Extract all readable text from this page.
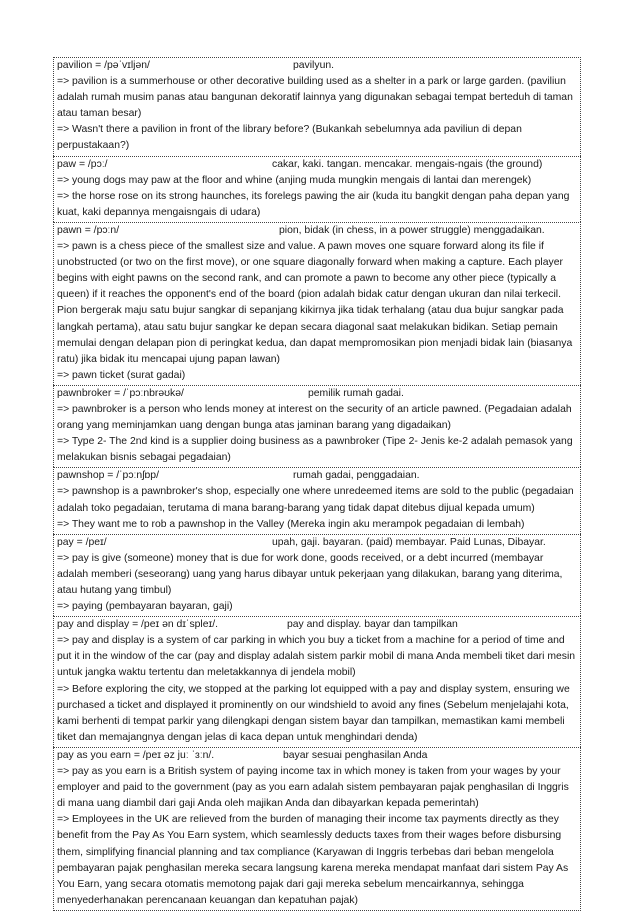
pavilion = /pəˈvɪljən/	pavilyun.

=> pavilion is a summerhouse or other decorative building used as a shelter in a park or large garden. (paviliun adalah rumah musim panas atau bangunan dekoratif lainnya yang digunakan sebagai tempat berteduh di taman atau taman besar)

=> Wasn't there a pavilion in front of the library before? (Bukankah sebelumnya ada paviliun di depan perpustakaan?)

paw = /pɔː/	cakar, kaki. tangan. mencakar. mengais-ngais (the ground)

=> young dogs may paw at the floor and whine (anjing muda mungkin mengais di lantai dan merengek)

=> the horse rose on its strong haunches, its forelegs pawing the air (kuda itu bangkit dengan paha depan yang kuat, kaki depannya mengaisngais di udara)

pawn = /pɔːn/	pion, bidak (in chess, in a power struggle) menggadaikan.

=> pawn is a chess piece of the smallest size and value. A pawn moves one square forward along its file if unobstructed (or two on the first move), or one square diagonally forward when making a capture. Each player begins with eight pawns on the second rank, and can promote a pawn to become any other piece (typically a queen) if it reaches the opponent's end of the board (pion adalah bidak catur dengan ukuran dan nilai terkecil. Pion bergerak maju satu bujur sangkar di sepanjang kikirnya jika tidak terhalang (atau dua bujur sangkar pada langkah pertama), atau satu bujur sangkar ke depan secara diagonal saat melakukan bidikan. Setiap pemain memulai dengan delapan pion di peringkat kedua, dan dapat mempromosikan pion menjadi bidak lain (biasanya ratu) jika bidak itu mencapai ujung papan lawan)

=> pawn ticket (surat gadai)

pawnbroker = /ˈpɔːnbrəʊkə/	pemilik rumah gadai.

=> pawnbroker is a person who lends money at interest on the security of an article pawned. (Pegadaian adalah orang yang meminjamkan uang dengan bunga atas jaminan barang yang digadaikan)

=> Type 2- The 2nd kind is a supplier doing business as a pawnbroker (Tipe 2- Jenis ke-2 adalah pemasok yang melakukan bisnis sebagai pegadaian)

pawnshop = /ˈpɔːnʃɒp/	rumah gadai, penggadaian.

=> pawnshop is a pawnbroker's shop, especially one where unredeemed items are sold to the public (pegadaian adalah toko pegadaian, terutama di mana barang-barang yang tidak dapat ditebus dijual kepada umum)

=> They want me to rob a pawnshop in the Valley (Mereka ingin aku merampok pegadaian di lembah)

pay = /peɪ/	upah, gaji. bayaran. (paid) membayar. Paid Lunas, Dibayar.

=> pay is give (someone) money that is due for work done, goods received, or a debt incurred (membayar adalah memberi (seseorang) uang yang harus dibayar untuk pekerjaan yang dilakukan, barang yang diterima, atau hutang yang timbul)

=> paying (pembayaran bayaran, gaji)

pay and display = /peɪ ən dɪˈspleɪ/.	pay and display. bayar dan tampilkan

=> pay and display is a system of car parking in which you buy a ticket from a machine for a period of time and put it in the window of the car (pay and display adalah sistem parkir mobil di mana Anda membeli tiket dari mesin untuk jangka waktu tertentu dan meletakkannya di jendela mobil)

=> Before exploring the city, we stopped at the parking lot equipped with a pay and display system, ensuring we purchased a ticket and displayed it prominently on our windshield to avoid any fines (Sebelum menjelajahi kota, kami berhenti di tempat parkir yang dilengkapi dengan sistem bayar dan tampilkan, memastikan kami membeli tiket dan memajangnya dengan jelas di kaca depan untuk menghindari denda)

pay as you earn = /peɪ əz juː ˈɜːn/.	bayar sesuai penghasilan Anda

=> pay as you earn is a British system of paying income tax in which money is taken from your wages by your employer and paid to the government (pay as you earn adalah sistem pembayaran pajak penghasilan di Inggris di mana uang diambil dari gaji Anda oleh majikan Anda dan dibayarkan kepada pemerintah)

=> Employees in the UK are relieved from the burden of managing their income tax payments directly as they benefit from the Pay As You Earn system, which seamlessly deducts taxes from their wages before disbursing them, simplifying financial planning and tax compliance (Karyawan di Inggris terbebas dari beban mengelola pembayaran pajak penghasilan mereka secara langsung karena mereka mendapat manfaat dari sistem Pay As You Earn, yang secara otomatis memotong pajak dari gaji mereka sebelum mencairkannya, sehingga menyederhanakan perencanaan keuangan dan kepatuhan pajak)
